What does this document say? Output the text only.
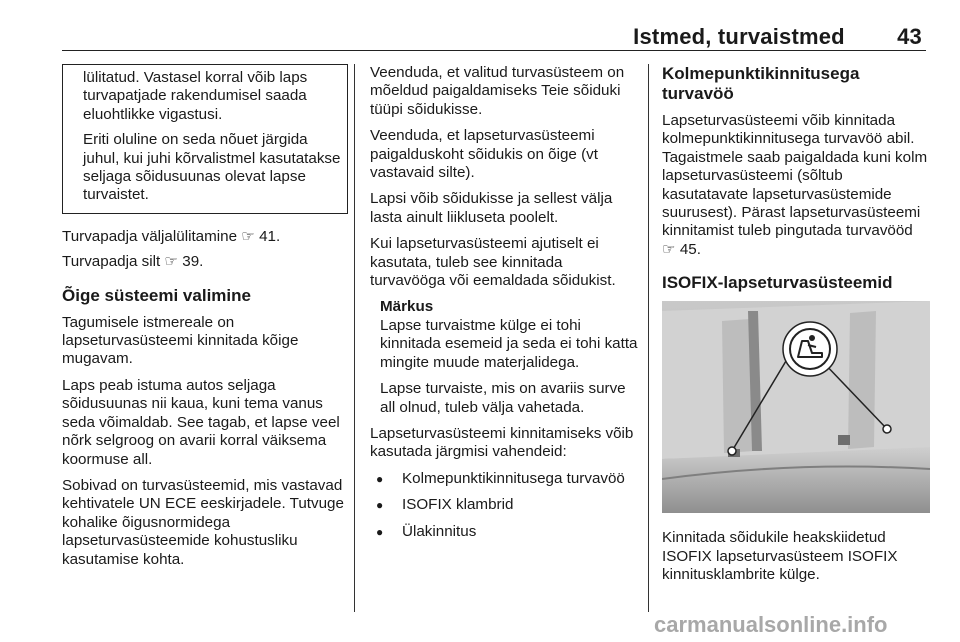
Istmed, turvaistmed 43

lülitatud. Vastasel korral võib laps turvapatjade rakendumisel saada eluohtlikke vigastusi.

Eriti oluline on seda nõuet järgida juhul, kui juhi kõrvalistmel kasutatakse seljaga sõidusuunas olevat lapse turvaistet.

Turvapadja väljalülitamine ☞ 41.

Turvapadja silt ☞ 39.

Õige süsteemi valimine

Tagumisele istmereale on lapseturvasüsteemi kinnitada kõige mugavam.

Laps peab istuma autos seljaga sõidusuunas nii kaua, kuni tema vanus seda võimaldab. See tagab, et lapse veel nõrk selgroog on avarii korral väiksema koormuse all.

Sobivad on turvasüsteemid, mis vastavad kehtivatele UN ECE eeskirjadele. Tutvuge kohalike õigusnormidega lapseturvasüsteemide kohustusliku kasutamise kohta.

Veenduda, et valitud turvasüsteem on mõeldud paigaldamiseks Teie sõiduki tüüpi sõidukisse.

Veenduda, et lapseturvasüsteemi paigalduskoht sõidukis on õige (vt vastavaid silte).

Lapsi võib sõidukisse ja sellest välja lasta ainult liikluseta poolelt.

Kui lapseturvasüsteemi ajutiselt ei kasutata, tuleb see kinnitada turvavööga või eemaldada sõidukist.

Märkus

Lapse turvaistme külge ei tohi kinnitada esemeid ja seda ei tohi katta mingite muude materjalidega.

Lapse turvaiste, mis on avariis surve all olnud, tuleb välja vahetada.

Lapseturvasüsteemi kinnitamiseks võib kasutada järgmisi vahendeid:

● Kolmepunktikinnitusega turvavöö
● ISOFIX klambrid
● Ülakinnitus
Kolmepunktikinnitusega turvavöö

Lapseturvasüsteemi võib kinnitada kolmepunktikinnitusega turvavöö abil. Tagaistmele saab paigaldada kuni kolm lapseturvasüsteemi (sõltub kasutatavate lapseturvasüstemide suurusest). Pärast lapseturvasüsteemi kinnitamist tuleb pingutada turvavööd ☞ 45.

ISOFIX-lapseturvasüsteemid

Kinnitada sõidukile heakskiidetud ISOFIX lapseturvasüsteem ISOFIX kinnitusklambrite külge.

carmanualsonline.info
